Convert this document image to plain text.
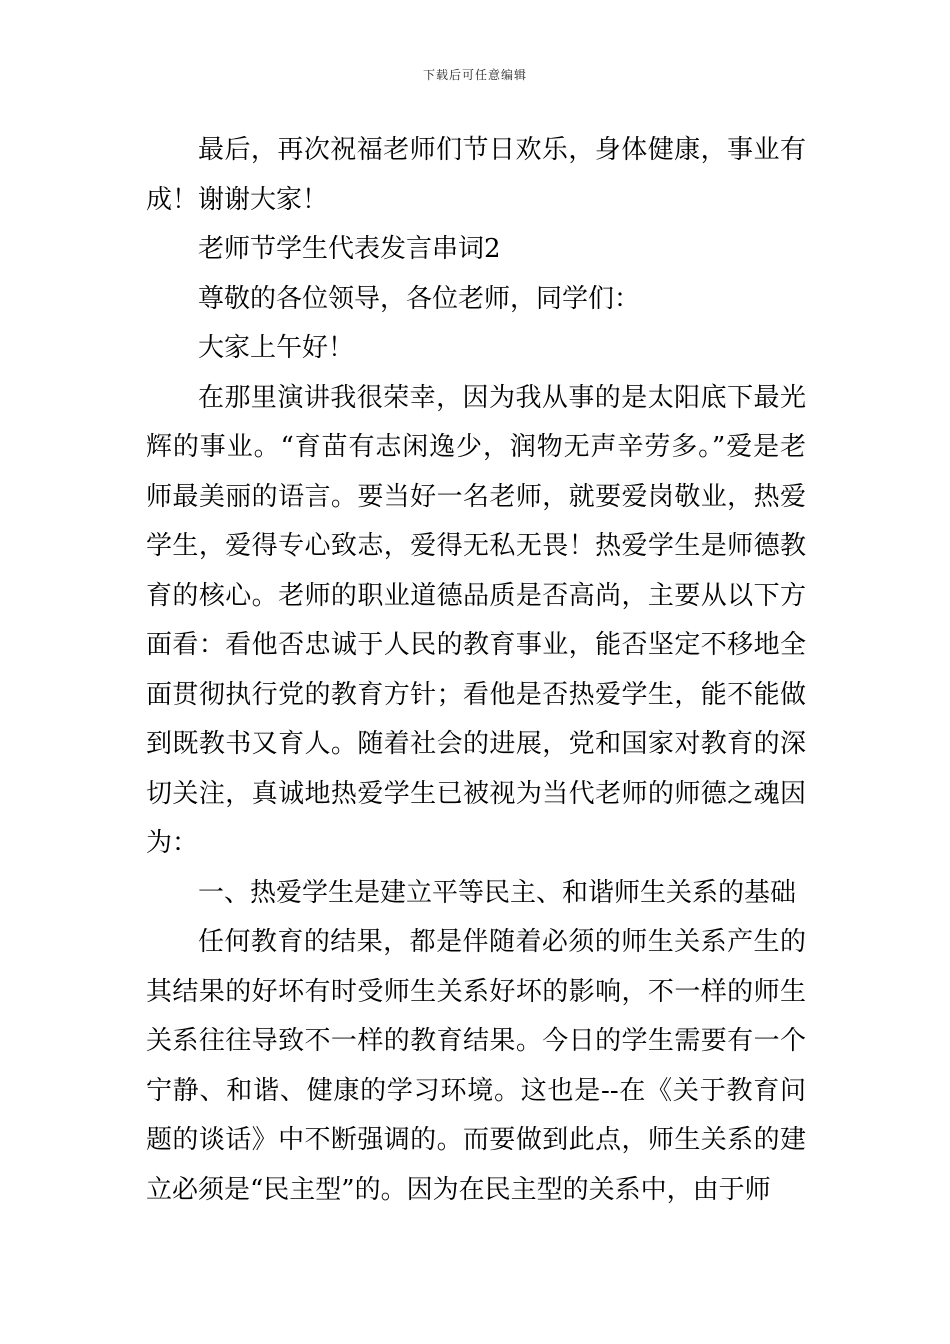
下载后可任意编辑

最后，再次祝福老师们节日欢乐，身体健康，事业有成！谢谢大家！

老师节学生代表发言串词2

尊敬的各位领导，各位老师，同学们：

大家上午好！

在那里演讲我很荣幸，因为我从事的是太阳底下最光辉的事业。“育苗有志闲逸少，润物无声辛劳多。”爱是老师最美丽的语言。要当好一名老师，就要爱岗敬业，热爱学生，爱得专心致志，爱得无私无畏！热爱学生是师德教育的核心。老师的职业道德品质是否高尚，主要从以下方面看：看他否忠诚于人民的教育事业，能否坚定不移地全面贯彻执行党的教育方针；看他是否热爱学生，能不能做到既教书又育人。随着社会的进展，党和国家对教育的深切关注，真诚地热爱学生已被视为当代老师的师德之魂因为：

一、热爱学生是建立平等民主、和谐师生关系的基础

任何教育的结果，都是伴随着必须的师生关系产生的其结果的好坏有时受师生关系好坏的影响，不一样的师生关系往往导致不一样的教育结果。今日的学生需要有一个宁静、和谐、健康的学习环境。这也是--在《关于教育问题的谈话》中不断强调的。而要做到此点，师生关系的建立必须是“民主型”的。因为在民主型的关系中，由于师
